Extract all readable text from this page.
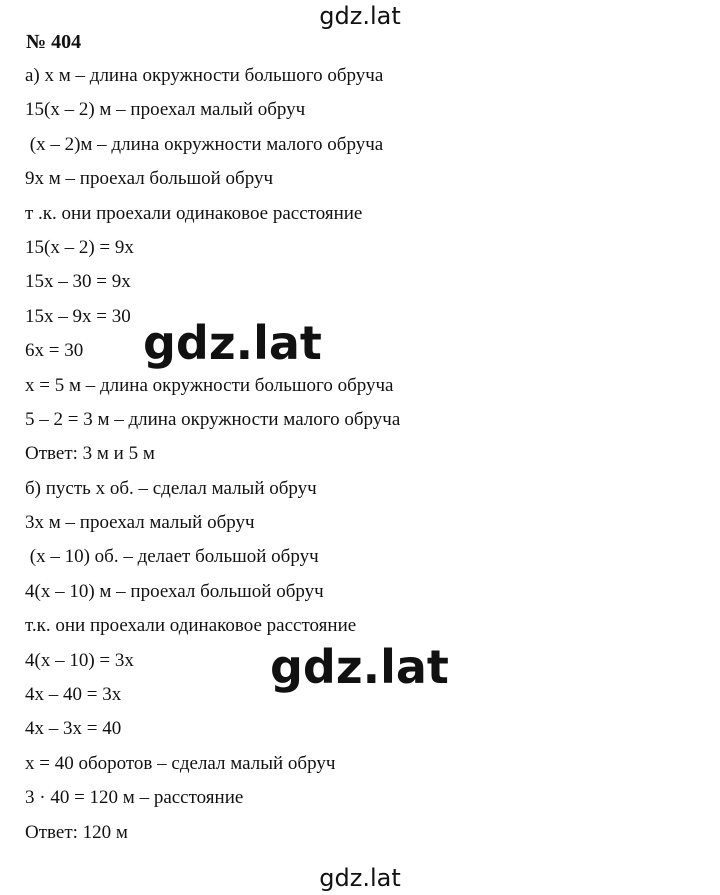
gdz.lat
№ 404
а) х м – длина окружности большого обруча
15(х – 2) м – проехал малый обруч
(х – 2)м – длина окружности малого обруча
9х м – проехал большой обруч
т .к. они проехали одинаковое расстояние
15(х – 2) = 9х
15х – 30 = 9х
15х – 9х = 30
6х = 30
х = 5 м – длина окружности большого обруча
5 – 2 = 3 м – длина окружности малого обруча
Ответ: 3 м и 5 м
б) пусть х об. – сделал малый обруч
3х м – проехал малый обруч
(х – 10) об. – делает большой обруч
4(х – 10) м – проехал большой обруч
т.к. они проехали одинаковое расстояние
4(х – 10) = 3х
4х – 40 = 3х
4х – 3х = 40
х = 40 оборотов – сделал малый обруч
3 · 40 = 120 м – расстояние
Ответ: 120 м
gdz.lat
gdz.lat
gdz.lat
